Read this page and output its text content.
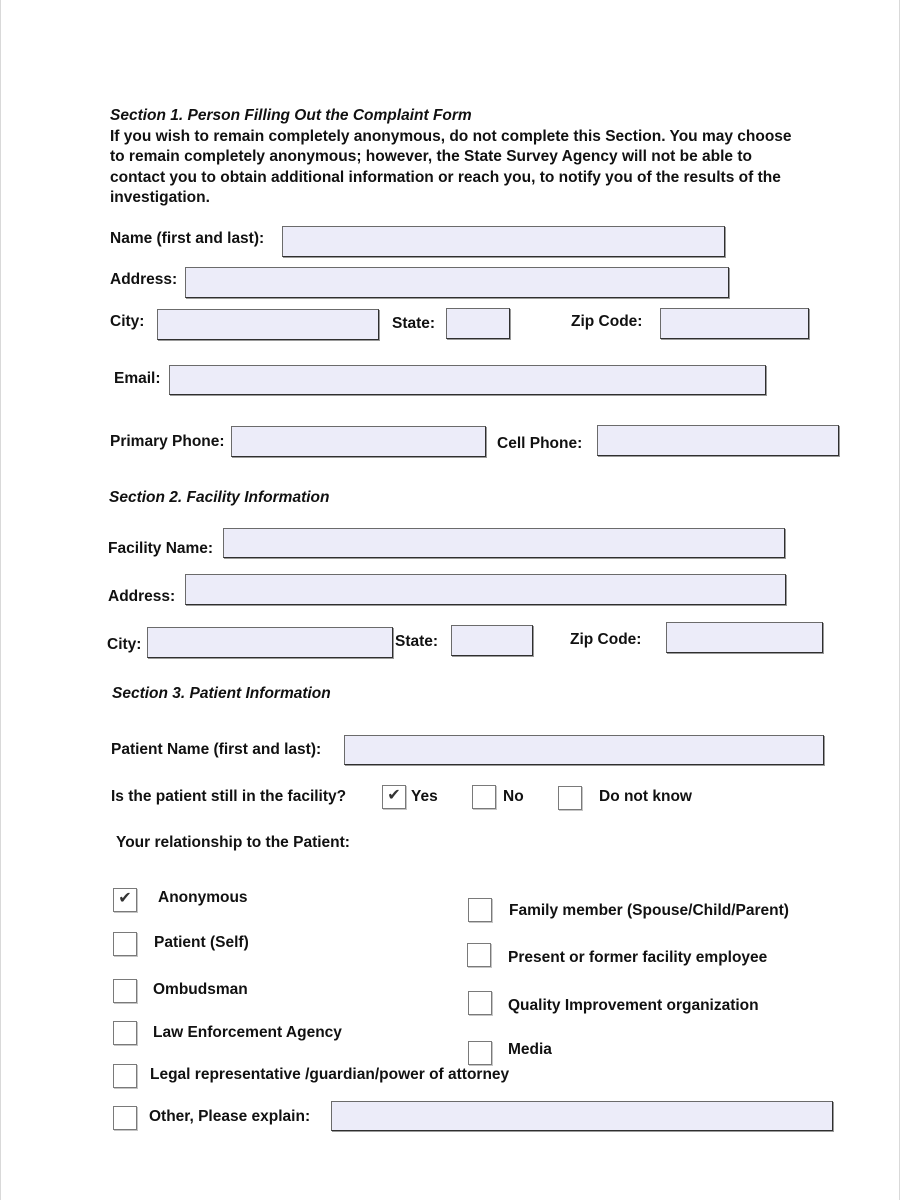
Section 1. Person Filling Out the Complaint Form
If you wish to remain completely anonymous, do not complete this Section. You may choose to remain completely anonymous; however, the State Survey Agency will not be able to contact you to obtain additional information or reach you, to notify you of the results of the investigation.
Name (first and last):
Address:
City:	State:	Zip Code:
Email:
Primary Phone:	Cell Phone:
Section 2. Facility Information
Facility Name:
Address:
City:	State:	Zip Code:
Section 3. Patient Information
Patient Name (first and last):
Is the patient still in the facility?	✔ Yes	No	Do not know
Your relationship to the Patient:
✔	Anonymous
Patient (Self)
Ombudsman
Law Enforcement Agency
Legal representative /guardian/power of attorney
Other, Please explain:
Family member (Spouse/Child/Parent)
Present or former facility employee
Quality Improvement organization
Media
